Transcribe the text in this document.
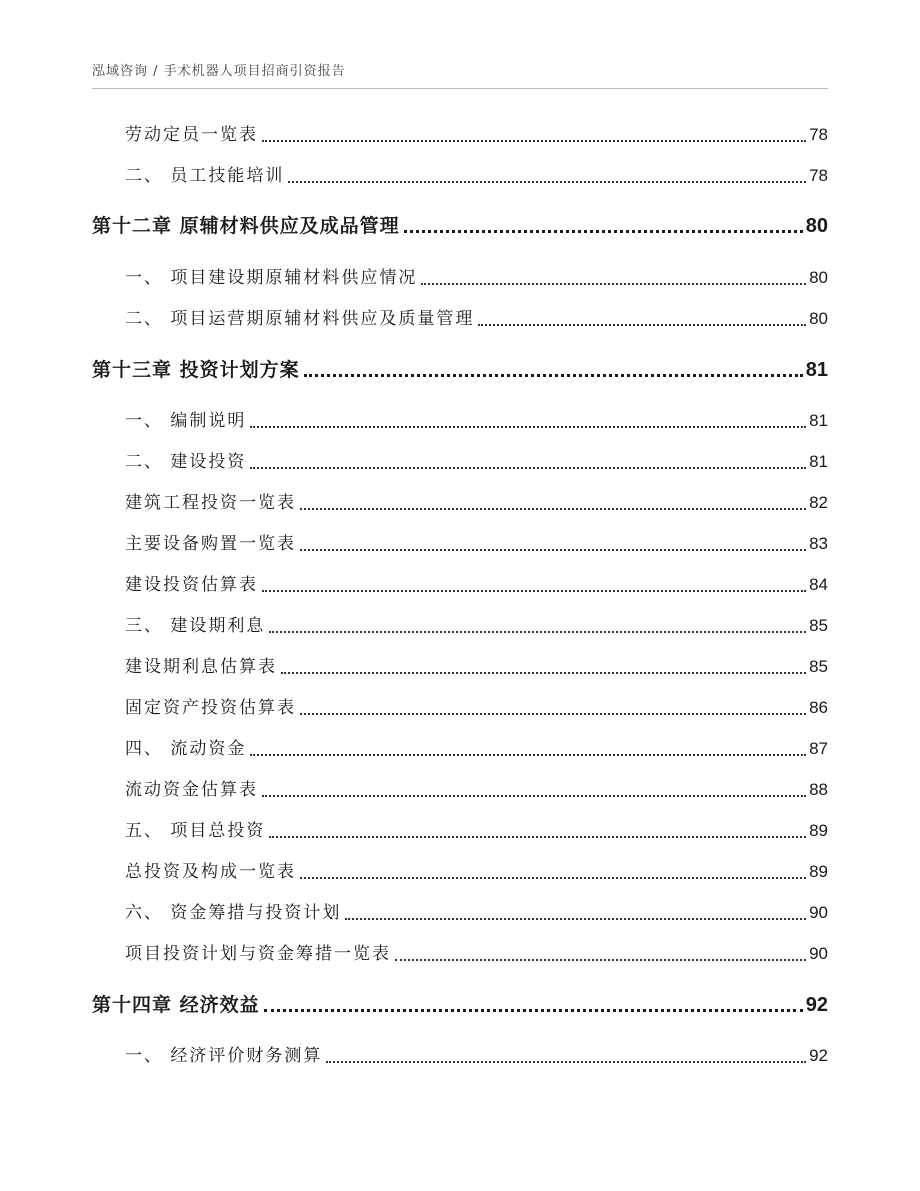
泓域咨询 / 手术机器人项目招商引资报告
劳动定员一览表	78
二、 员工技能培训	78
第十二章 原辅材料供应及成品管理	80
一、 项目建设期原辅材料供应情况	80
二、 项目运营期原辅材料供应及质量管理	80
第十三章 投资计划方案	81
一、 编制说明	81
二、 建设投资	81
建筑工程投资一览表	82
主要设备购置一览表	83
建设投资估算表	84
三、 建设期利息	85
建设期利息估算表	85
固定资产投资估算表	86
四、 流动资金	87
流动资金估算表	88
五、 项目总投资	89
总投资及构成一览表	89
六、 资金筹措与投资计划	90
项目投资计划与资金筹措一览表	90
第十四章 经济效益	92
一、 经济评价财务测算	92
